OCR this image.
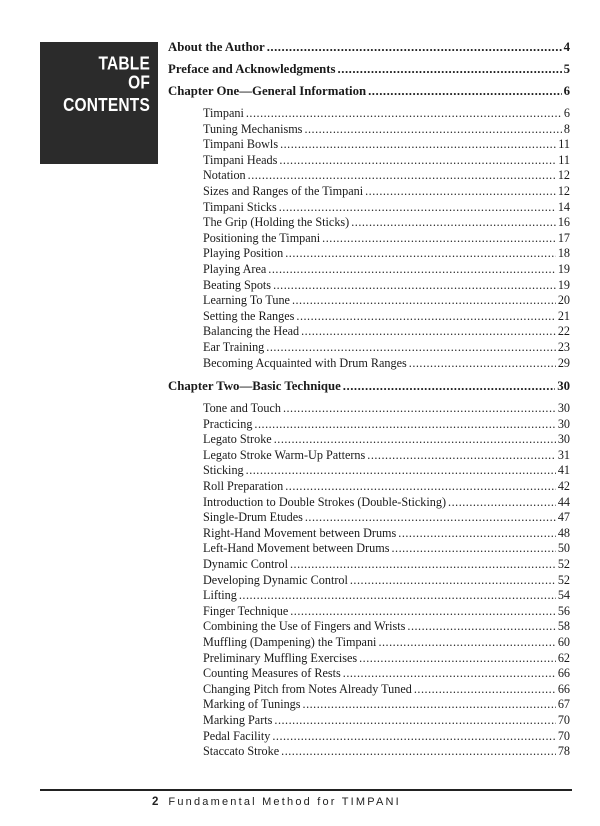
TABLE
OF CONTENTS
About the Author .....	4
Preface and Acknowledgments .....	5
Chapter One—General Information .....	6
Timpani .....	6
Tuning Mechanisms .....	8
Timpani Bowls .....	11
Timpani Heads .....	11
Notation .....	12
Sizes and Ranges of the Timpani .....	12
Timpani Sticks .....	14
The Grip (Holding the Sticks) .....	16
Positioning the Timpani .....	17
Playing Position .....	18
Playing Area .....	19
Beating Spots .....	19
Learning To Tune .....	20
Setting the Ranges .....	21
Balancing the Head .....	22
Ear Training .....	23
Becoming Acquainted with Drum Ranges .....	29
Chapter Two—Basic Technique .....	30
Tone and Touch .....	30
Practicing .....	30
Legato Stroke .....	30
Legato Stroke Warm-Up Patterns .....	31
Sticking .....	41
Roll Preparation .....	42
Introduction to Double Strokes (Double-Sticking) .....	44
Single-Drum Etudes .....	47
Right-Hand Movement between Drums .....	48
Left-Hand Movement between Drums .....	50
Dynamic Control .....	52
Developing Dynamic Control .....	52
Lifting .....	54
Finger Technique .....	56
Combining the Use of Fingers and Wrists .....	58
Muffling (Dampening) the Timpani .....	60
Preliminary Muffling Exercises .....	62
Counting Measures of Rests .....	66
Changing Pitch from Notes Already Tuned .....	66
Marking of Tunings .....	67
Marking Parts .....	70
Pedal Facility .....	70
Staccato Stroke .....	78
2 Fundamental Method for TIMPANI
